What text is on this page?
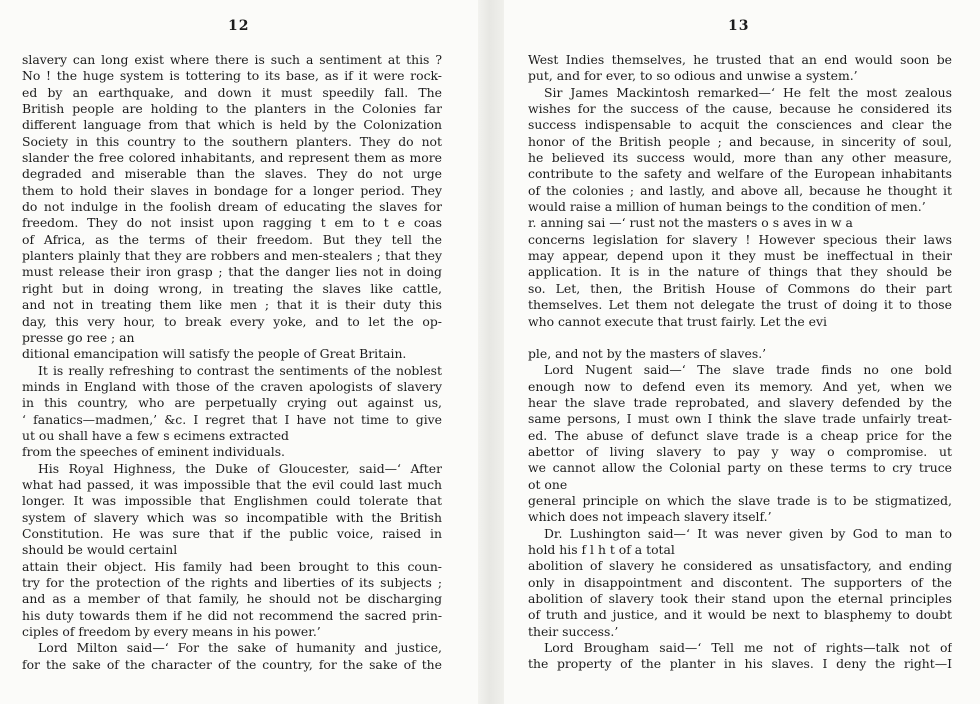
12
slavery can long exist where there is such a sentiment at this ?
No ! the huge system is tottering to its base, as if it were rock-
ed by an earthquake, and down it must speedily fall. The
British people are holding to the planters in the Colonies far
different language from that which is held by the Colonization
Society in this country to the southern planters. They do not
slander the free colored inhabitants, and represent them as more
degraded and miserable than the slaves. They do not urge
them to hold their slaves in bondage for a longer period. They
do not indulge in the foolish dream of educating the slaves for
freedom. They do not insist upon ragging t em to t e coas
of Africa, as the terms of their freedom. But they tell the
planters plainly that they are robbers and men-stealers ; that they
must release their iron grasp ; that the danger lies not in doing
right but in doing wrong, in treating the slaves like cattle,
and not in treating them like men ; that it is their duty this
day, this very hour, to break every yoke, and to let the op-
presse go ree ; an
ditional emancipation will satisfy the people of Great Britain.
It is really refreshing to contrast the sentiments of the noblest
minds in England with those of the craven apologists of slavery
in this country, who are perpetually crying out against us,
‘ fanatics—madmen,’ &c. I regret that I have not time to give
ut ou shall have a few s ecimens extracted
from the speeches of eminent individuals.
His Royal Highness, the Duke of Gloucester, said—‘ After
what had passed, it was impossible that the evil could last much
longer. It was impossible that Englishmen could tolerate that
system of slavery which was so incompatible with the British
Constitution. He was sure that if the public voice, raised in
should be would certainl
attain their object. His family had been brought to this coun-
try for the protection of the rights and liberties of its subjects ;
and as a member of that family, he should not be discharging
his duty towards them if he did not recommend the sacred prin-
ciples of freedom by every means in his power.’
Lord Milton said—‘ For the sake of humanity and justice,
for the sake of the character of the country, for the sake of the
13
West Indies themselves, he trusted that an end would soon be
put, and for ever, to so odious and unwise a system.’
Sir James Mackintosh remarked—‘ He felt the most zealous
wishes for the success of the cause, because he considered its
success indispensable to acquit the consciences and clear the
honor of the British people ; and because, in sincerity of soul,
he believed its success would, more than any other measure,
contribute to the safety and welfare of the European inhabitants
of the colonies ; and lastly, and above all, because he thought it
would raise a million of human beings to the condition of men.’
r. anning sai —‘ rust not the masters o s aves in w a
concerns legislation for slavery ! However specious their laws
may appear, depend upon it they must be ineffectual in their
application. It is in the nature of things that they should be
so. Let, then, the British House of Commons do their part
themselves. Let them not delegate the trust of doing it to those
who cannot execute that trust fairly. Let the evi
ple, and not by the masters of slaves.’
Lord Nugent said—‘ The slave trade finds no one bold
enough now to defend even its memory. And yet, when we
hear the slave trade reprobated, and slavery defended by the
same persons, I must own I think the slave trade unfairly treat-
ed. The abuse of defunct slave trade is a cheap price for the
abettor of living slavery to pay y way o compromise. ut
we cannot allow the Colonial party on these terms to cry truce
ot one
general principle on which the slave trade is to be stigmatized,
which does not impeach slavery itself.’
Dr. Lushington said—‘ It was never given by God to man to
hold his f l h t of a total
abolition of slavery he considered as unsatisfactory, and ending
only in disappointment and discontent. The supporters of the
abolition of slavery took their stand upon the eternal principles
of truth and justice, and it would be next to blasphemy to doubt
their success.’
Lord Brougham said—‘ Tell me not of rights—talk not of
the property of the planter in his slaves. I deny the right—I
